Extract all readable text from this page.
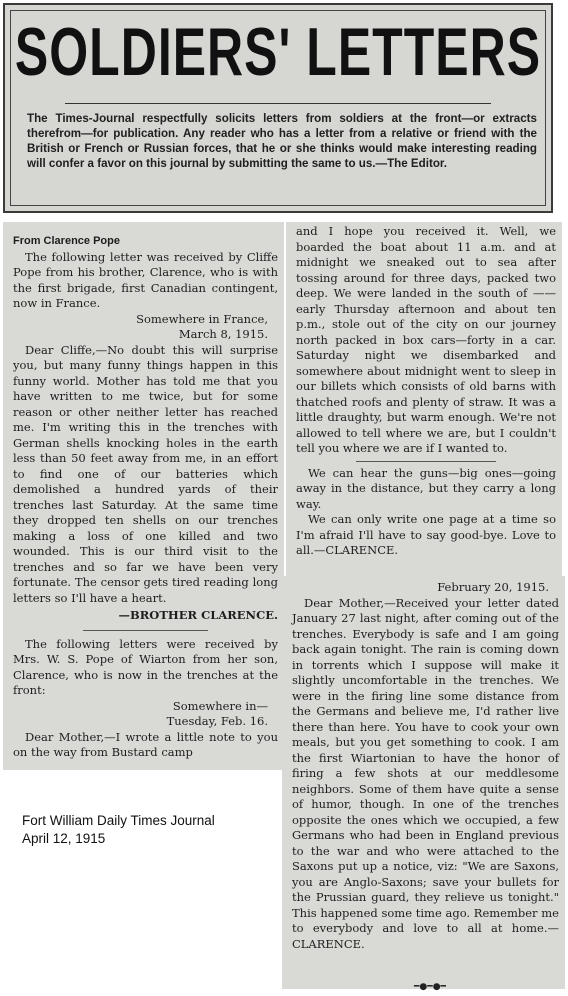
SOLDIERS' LETTERS
The Times-Journal respectfully solicits letters from soldiers at the front—or extracts therefrom—for publication. Any reader who has a letter from a relative or friend with the British or French or Russian forces, that he or she thinks would make interesting reading will confer a favor on this journal by submitting the same to us.—The Editor.

From Clarence Pope

The following letter was received by Cliffe Pope from his brother, Clarence, who is with the first brigade, first Canadian contingent, now in France.

Somewhere in France,

March 8, 1915.

Dear Cliffe,—No doubt this will surprise you, but many funny things happen in this funny world. Mother has told me that you have written to me twice, but for some reason or other neither letter has reached me. I'm writing this in the trenches with German shells knocking holes in the earth less than 50 feet away from me, in an effort to find one of our batteries which demolished a hundred yards of their trenches last Saturday. At the same time they dropped ten shells on our trenches making a loss of one killed and two wounded. This is our third visit to the trenches and so far we have been very fortunate. The censor gets tired reading long letters so I'll have a heart.

—BROTHER CLARENCE.

The following letters were received by Mrs. W. S. Pope of Wiarton from her son, Clarence, who is now in the trenches at the front:

Somewhere in—

Tuesday, Feb. 16.

Dear Mother,—I wrote a little note to you on the way from Bustard camp

and I hope you received it. Well, we boarded the boat about 11 a.m. and at midnight we sneaked out to sea after tossing around for three days, packed two deep. We were landed in the south of —— early Thursday afternoon and about ten p.m., stole out of the city on our journey north packed in box cars—forty in a car. Saturday night we disembarked and somewhere about midnight went to sleep in our billets which consists of old barns with thatched roofs and plenty of straw. It was a little draughty, but warm enough. We're not allowed to tell where we are, but I couldn't tell you where we are if I wanted to.

We can hear the guns—big ones—going away in the distance, but they carry a long way.

We can only write one page at a time so I'm afraid I'll have to say good-bye. Love to all.—CLARENCE.

February 20, 1915.

Dear Mother,—Received your letter dated January 27 last night, after coming out of the trenches. Everybody is safe and I am going back again tonight. The rain is coming down in torrents which I suppose will make it slightly uncomfortable in the trenches. We were in the firing line some distance from the Germans and believe me, I'd rather live there than here. You have to cook your own meals, but you get something to cook. I am the first Wiartonian to have the honor of firing a few shots at our meddlesome neighbors. Some of them have quite a sense of humor, though. In one of the trenches opposite the ones which we occupied, a few Germans who had been in England previous to the war and who were attached to the Saxons put up a notice, viz: "We are Saxons, you are Anglo-Saxons; save your bullets for the Prussian guard, they relieve us tonight." This happened some time ago. Remember me to everybody and love to all at home.—CLARENCE.

━●━●━
Fort William Daily Times Journal
April 12, 1915
